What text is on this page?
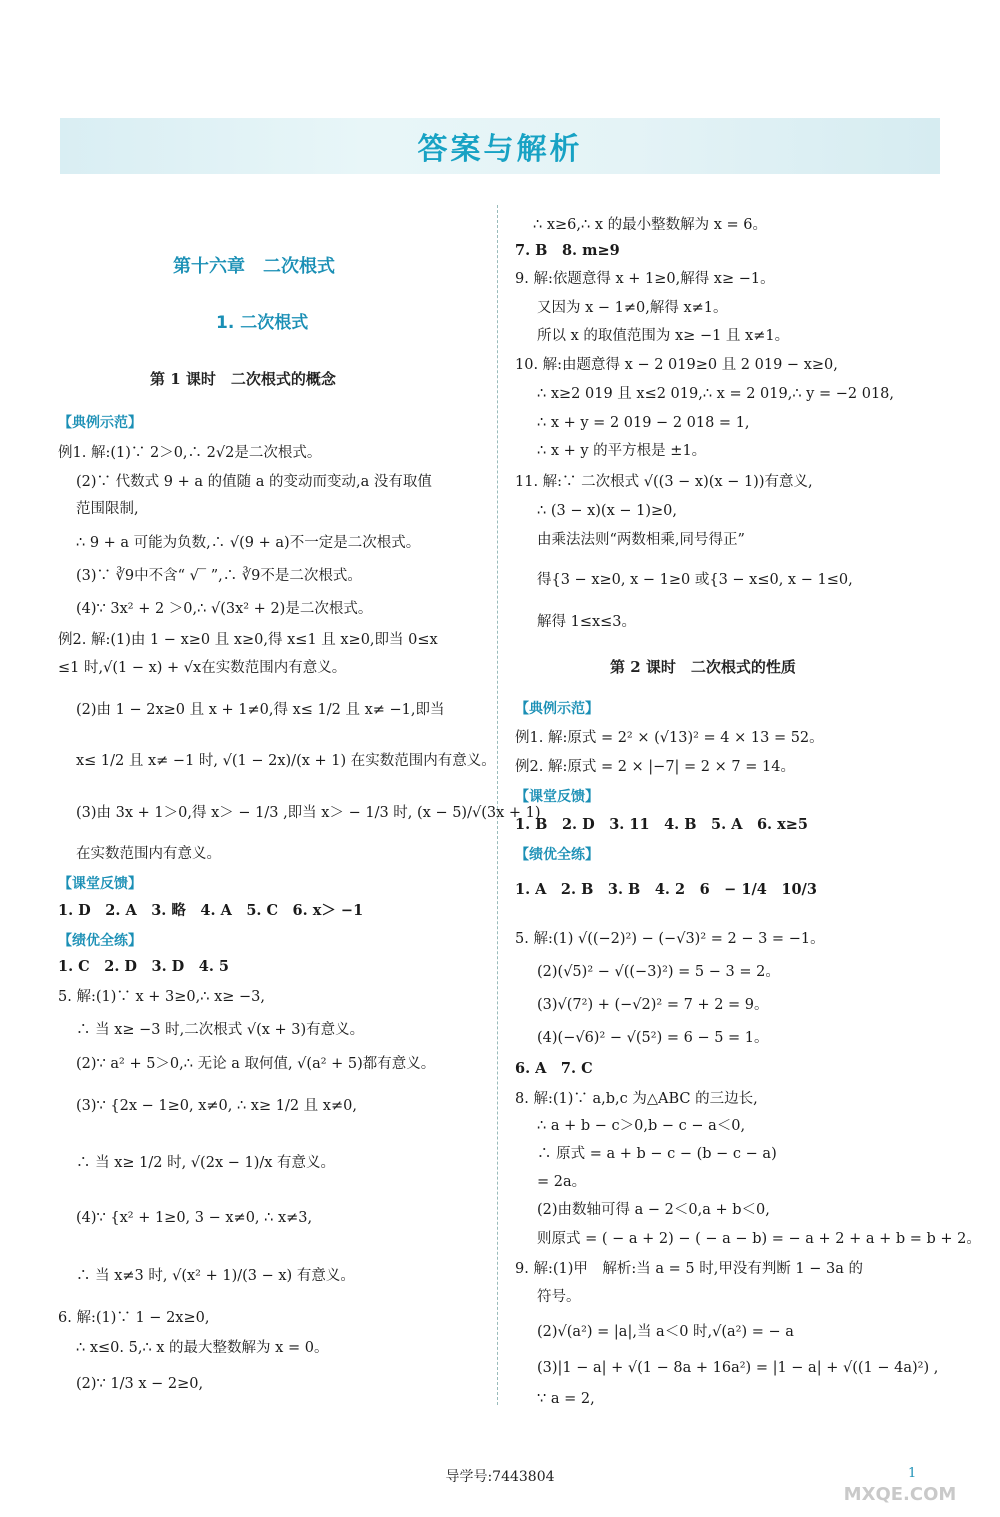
答案与解析
第十六章　二次根式
1. 二次根式
第 1 课时　二次根式的概念
【典例示范】
例1. 解:(1)∵ 2＞0,∴ 2√2是二次根式。
(2)∵ 代数式 9 + a 的值随 a 的变动而变动,a 没有取值
范围限制,
∴ 9 + a 可能为负数,∴ √(9 + a)不一定是二次根式。
(3)∵ ∛9中不含“ √‾ ”,∴ ∛9不是二次根式。
(4)∵ 3x² + 2 ＞0,∴ √(3x² + 2)是二次根式。
例2. 解:(1)由 1 − x≥0 且 x≥0,得 x≤1 且 x≥0,即当 0≤x
≤1 时,√(1 − x) + √x在实数范围内有意义。
(2)由 1 − 2x≥0 且 x + 1≠0,得 x≤ 1/2 且 x≠ −1,即当
x≤ 1/2 且 x≠ −1 时, √(1 − 2x)/(x + 1) 在实数范围内有意义。
(3)由 3x + 1＞0,得 x＞ − 1/3 ,即当 x＞ − 1/3 时, (x − 5)/√(3x + 1)
在实数范围内有意义。
【课堂反馈】
1. D　2. A　3. 略　4. A　5. C　6. x＞ −1
【绩优全练】
1. C　2. D　3. D　4. 5
5. 解:(1)∵ x + 3≥0,∴ x≥ −3,
∴ 当 x≥ −3 时,二次根式 √(x + 3)有意义。
(2)∵ a² + 5＞0,∴ 无论 a 取何值, √(a² + 5)都有意义。
(3)∵ {2x − 1≥0, x≠0, ∴ x≥ 1/2 且 x≠0,
∴ 当 x≥ 1/2 时, √(2x − 1)/x 有意义。
(4)∵ {x² + 1≥0, 3 − x≠0, ∴ x≠3,
∴ 当 x≠3 时, √(x² + 1)/(3 − x) 有意义。
6. 解:(1)∵ 1 − 2x≥0,
∴ x≤0. 5,∴ x 的最大整数解为 x = 0。
(2)∵ 1/3 x − 2≥0,
∴ x≥6,∴ x 的最小整数解为 x = 6。
7. B　8. m≥9
9. 解:依题意得 x + 1≥0,解得 x≥ −1。
又因为 x − 1≠0,解得 x≠1。
所以 x 的取值范围为 x≥ −1 且 x≠1。
10. 解:由题意得 x − 2 019≥0 且 2 019 − x≥0,
∴ x≥2 019 且 x≤2 019,∴ x = 2 019,∴ y = −2 018,
∴ x + y = 2 019 − 2 018 = 1,
∴ x + y 的平方根是 ±1。
11. 解:∵ 二次根式 √((3 − x)(x − 1))有意义,
∴ (3 − x)(x − 1)≥0,
由乘法法则“两数相乘,同号得正”
得{3 − x≥0, x − 1≥0 或{3 − x≤0, x − 1≤0,
解得 1≤x≤3。
第 2 课时　二次根式的性质
【典例示范】
例1. 解:原式 = 2² × (√13)² = 4 × 13 = 52。
例2. 解:原式 = 2 × |−7| = 2 × 7 = 14。
【课堂反馈】
1. B　2. D　3. 11　4. B　5. A　6. x≥5
【绩优全练】
1. A　2. B　3. B　4. 2　6　− 1/4　10/3
5. 解:(1) √((−2)²) − (−√3)² = 2 − 3 = −1。
(2)(√5)² − √((−3)²) = 5 − 3 = 2。
(3)√(7²) + (−√2)² = 7 + 2 = 9。
(4)(−√6)² − √(5²) = 6 − 5 = 1。
6. A　7. C
8. 解:(1)∵ a,b,c 为△ABC 的三边长,
∴ a + b − c＞0,b − c − a＜0,
∴ 原式 = a + b − c − (b − c − a)
= 2a。
(2)由数轴可得 a − 2＜0,a + b＜0,
则原式 = ( − a + 2) − ( − a − b) = − a + 2 + a + b = b + 2。
9. 解:(1)甲　解析:当 a = 5 时,甲没有判断 1 − 3a 的
符号。
(2)√(a²) = |a|,当 a＜0 时,√(a²) = − a
(3)|1 − a| + √(1 − 8a + 16a²) = |1 − a| + √((1 − 4a)²) ,
∵ a = 2,
导学号:7443804	1
MXQE.COM
